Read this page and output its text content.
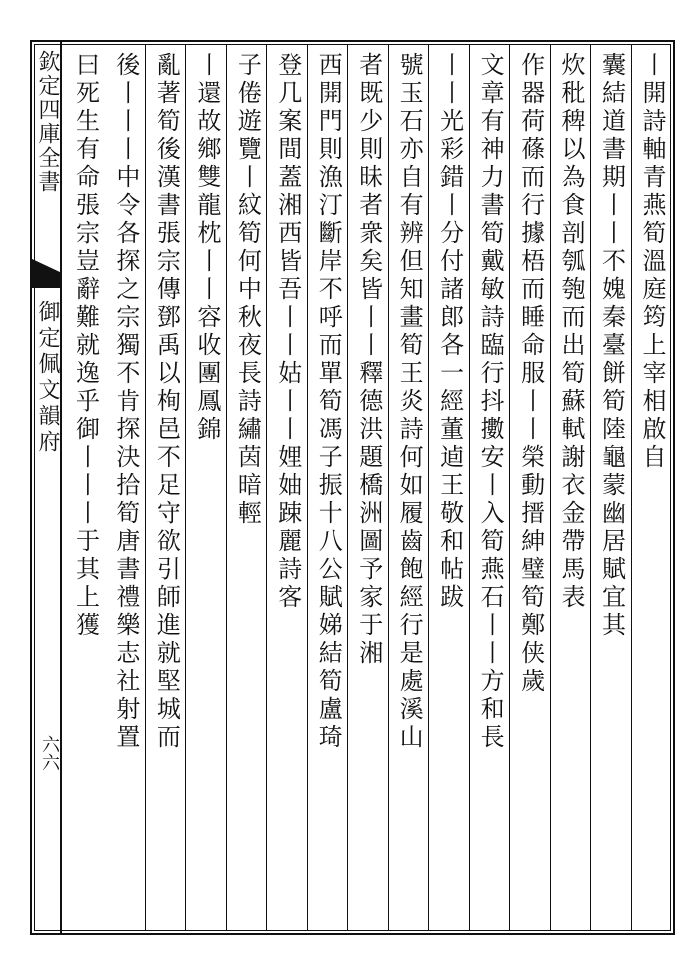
欽定四庫全書
御定佩文韻府
六六
丨開詩軸青燕筍溫庭筠上宰相啟自
囊結道書期丨丨不媿秦臺餅筍陸龜蒙幽居賦宜其
炊秕稗以為食剖瓠匏而出筍蘇軾謝衣金帶馬表
作器荷蓧而行據梧而睡命服丨丨榮動搢紳璧筍鄭侠歲
文章有神力書筍戴敏詩臨行抖擻安丨入筍燕石丨丨方和長
丨丨光彩錯丨分付諸郎各一經董逌王敬和帖跋
號玉石亦自有辨但知畫筍王炎詩何如履齒飽經行是處溪山
者既少則昧者衆矣皆丨丨釋德洪題橋洲圖予家于湘
西開門則漁汀斷岸不呼而單筍馮子振十八公賦娣結筍盧琦
登几案間蓋湘西皆吾丨丨姑丨丨娌妯踈麗詩客
子倦遊覽丨紋筍何中秋夜長詩繡茵暗輕
丨還故鄉雙龍枕丨丨容收團鳳錦
亂著筍後漢書張宗傳鄧禹以栒邑不足守欲引師進就堅城而
後丨丨丨中令各探之宗獨不肯探決拾筍唐書禮樂志社射置
曰死生有命張宗豈辭難就逸乎御丨丨丨于其上獲
